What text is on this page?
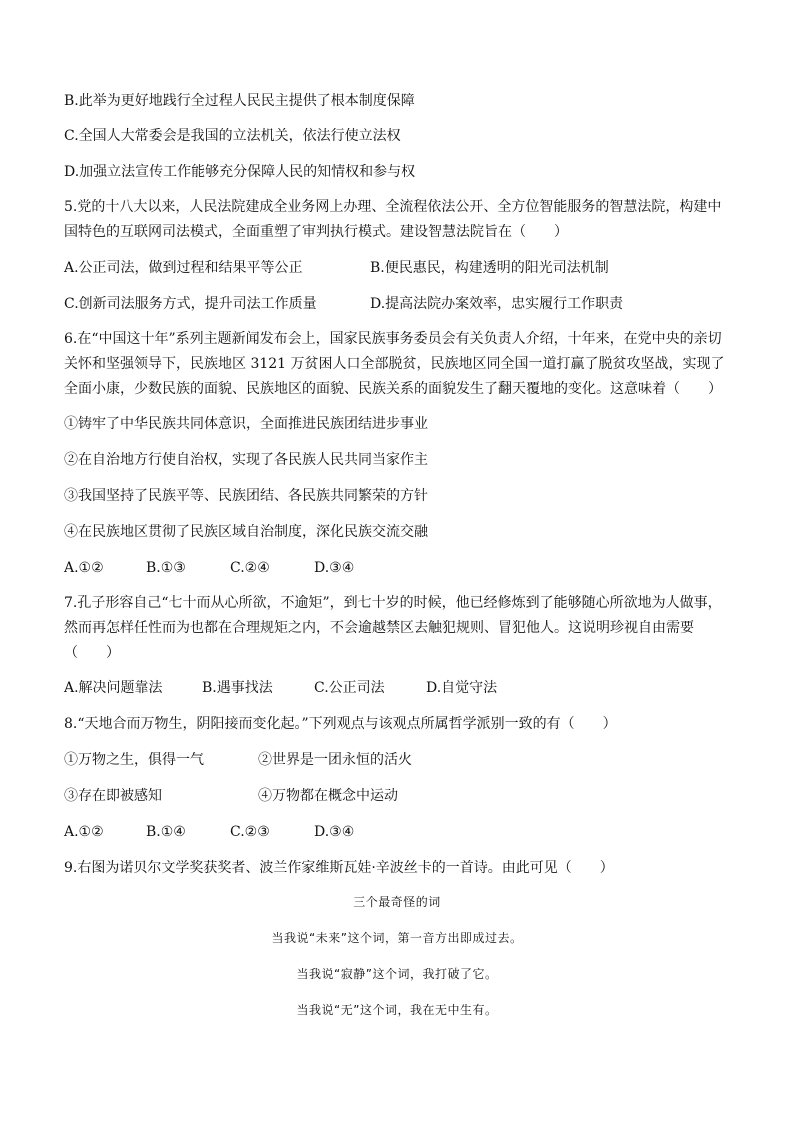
B.此举为更好地践行全过程人民民主提供了根本制度保障
C.全国人大常委会是我国的立法机关，依法行使立法权
D.加强立法宣传工作能够充分保障人民的知情权和参与权
5.党的十八大以来，人民法院建成全业务网上办理、全流程依法公开、全方位智能服务的智慧法院，构建中国特色的互联网司法模式，全面重塑了审判执行模式。建设智慧法院旨在（　　）
A.公正司法，做到过程和结果平等公正	B.便民惠民，构建透明的阳光司法机制
C.创新司法服务方式，提升司法工作质量	D.提高法院办案效率，忠实履行工作职责
6.在“中国这十年”系列主题新闻发布会上，国家民族事务委员会有关负责人介绍，十年来，在党中央的亲切关怀和坚强领导下，民族地区 3121 万贫困人口全部脱贫，民族地区同全国一道打赢了脱贫攻坚战，实现了全面小康，少数民族的面貌、民族地区的面貌、民族关系的面貌发生了翻天覆地的变化。这意味着（　　）
①铸牢了中华民族共同体意识，全面推进民族团结进步事业
②在自治地方行使自治权，实现了各民族人民共同当家作主
③我国坚持了民族平等、民族团结、各民族共同繁荣的方针
④在民族地区贯彻了民族区域自治制度，深化民族交流交融
A.①②	B.①③	C.②④	D.③④
7.孔子形容自己“七十而从心所欲，不逾矩”，到七十岁的时候，他已经修炼到了能够随心所欲地为人做事，然而再怎样任性而为也都在合理规矩之内，不会逾越禁区去触犯规则、冒犯他人。这说明珍视自由需要（　　）
A.解决问题靠法	B.遇事找法	C.公正司法	D.自觉守法
8.“天地合而万物生，阴阳接而变化起。”下列观点与该观点所属哲学派别一致的有（　　）
①万物之生，俱得一气	②世界是一团永恒的活火
③存在即被感知	④万物都在概念中运动
A.①②	B.①④	C.②③	D.③④
9.右图为诺贝尔文学奖获奖者、波兰作家维斯瓦娃·辛波丝卡的一首诗。由此可见（　　）
三个最奇怪的词
当我说“未来”这个词，第一音方出即成过去。
当我说“寂静”这个词，我打破了它。
当我说“无”这个词，我在无中生有。
